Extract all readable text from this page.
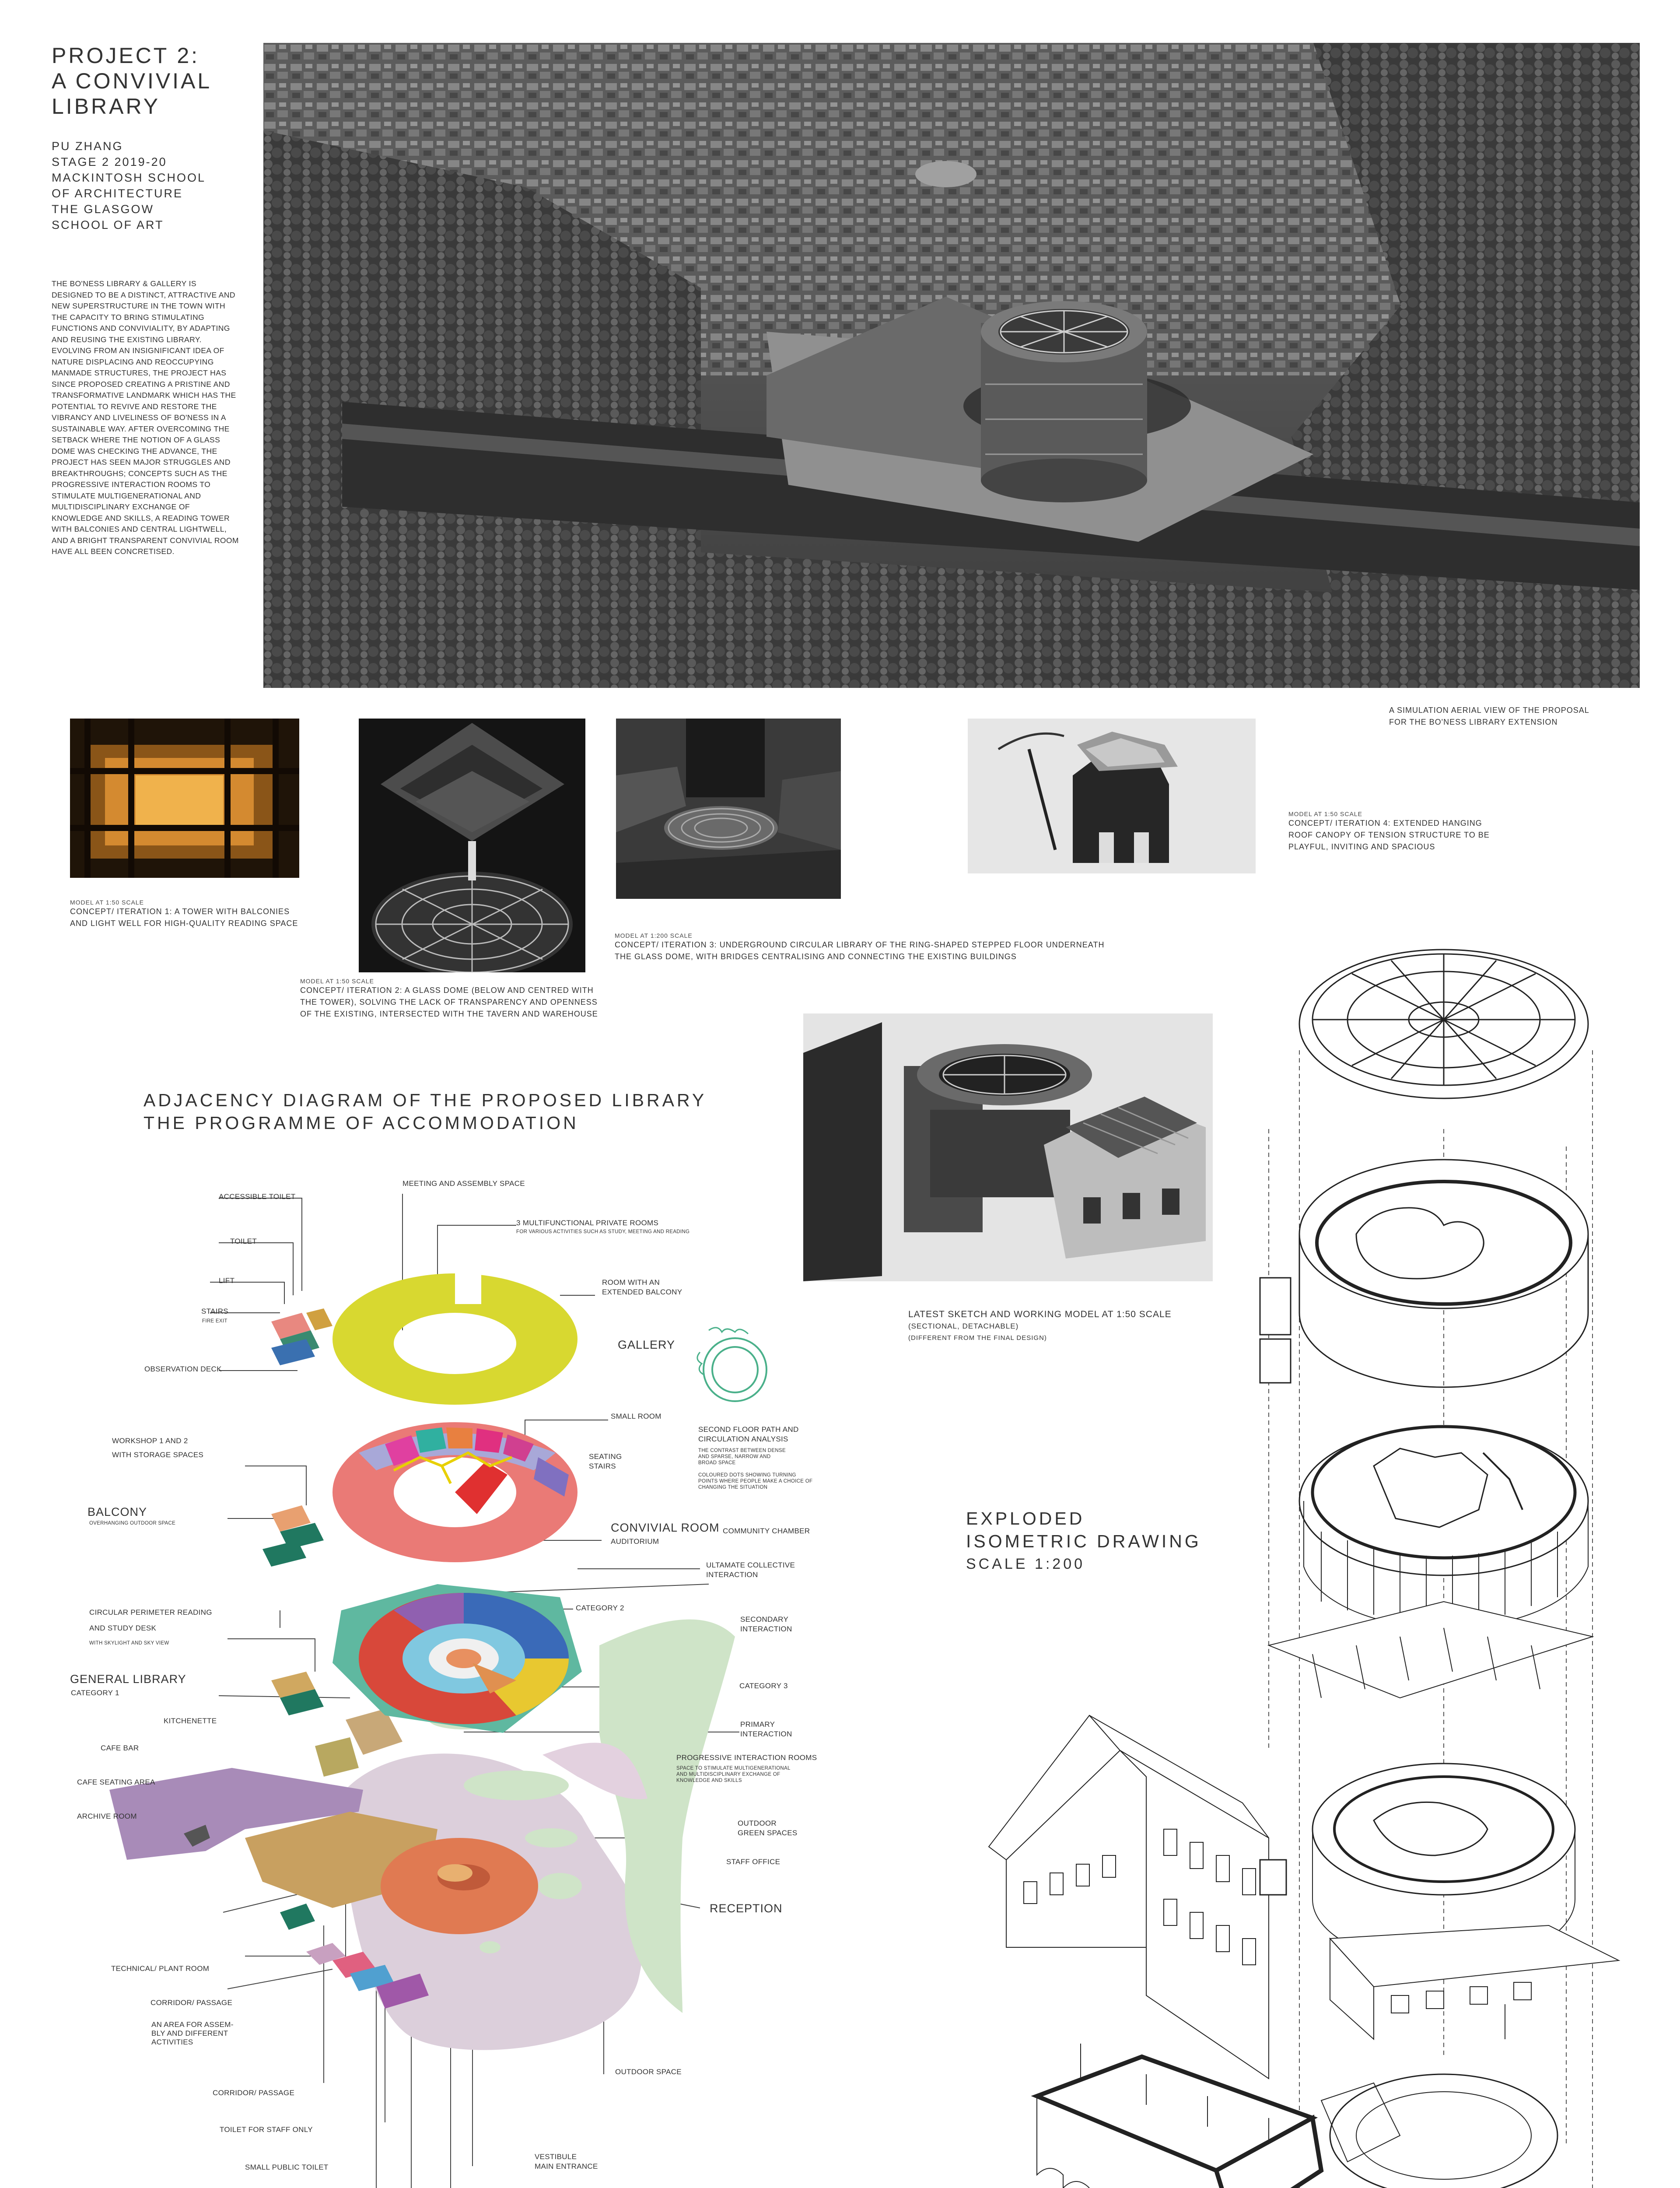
PROJECT 2:
A CONVIVIAL
LIBRARY
PU ZHANG
STAGE 2 2019-20
MACKINTOSH SCHOOL
OF ARCHITECTURE
THE GLASGOW
SCHOOL OF ART
THE BO'NESS LIBRARY & GALLERY IS DESIGNED TO BE A DISTINCT, ATTRACTIVE AND NEW SUPERSTRUCTURE IN THE TOWN WITH THE CAPACITY TO BRING STIMULATING FUNCTIONS AND CONVIVIALITY, BY ADAPTING AND REUSING THE EXISTING LIBRARY. EVOLVING FROM AN INSIGNIFICANT IDEA OF NATURE DISPLACING AND REOCCUPYING MANMADE STRUCTURES, THE PROJECT HAS SINCE PROPOSED CREATING A PRISTINE AND TRANSFORMATIVE LANDMARK WHICH HAS THE POTENTIAL TO REVIVE AND RESTORE THE VIBRANCY AND LIVELINESS OF BO'NESS IN A SUSTAINABLE WAY. AFTER OVERCOMING THE SETBACK WHERE THE NOTION OF A GLASS DOME WAS CHECKING THE ADVANCE, THE PROJECT HAS SEEN MAJOR STRUGGLES AND BREAKTHROUGHS; CONCEPTS SUCH AS THE PROGRESSIVE INTERACTION ROOMS TO STIMULATE MULTIGENERATIONAL AND MULTIDISCIPLINARY EXCHANGE OF KNOWLEDGE AND SKILLS, A READING TOWER WITH BALCONIES AND CENTRAL LIGHTWELL, AND A BRIGHT TRANSPARENT CONVIVIAL ROOM HAVE ALL BEEN CONCRETISED.
A SIMULATION AERIAL VIEW OF THE PROPOSAL
FOR THE BO'NESS LIBRARY EXTENSION
MODEL AT 1:50 SCALE
CONCEPT/ ITERATION 1: A TOWER WITH BALCONIES
AND LIGHT WELL FOR HIGH-QUALITY READING SPACE
MODEL AT 1:50 SCALE
CONCEPT/ ITERATION 2: A GLASS DOME (BELOW AND CENTRED WITH
THE TOWER), SOLVING THE LACK OF TRANSPARENCY AND OPENNESS
OF THE EXISTING, INTERSECTED WITH THE TAVERN AND WAREHOUSE
MODEL AT 1:200 SCALE
CONCEPT/ ITERATION 3: UNDERGROUND CIRCULAR LIBRARY OF THE RING-SHAPED STEPPED FLOOR UNDERNEATH
THE GLASS DOME, WITH BRIDGES CENTRALISING AND CONNECTING THE EXISTING BUILDINGS
MODEL AT 1:50 SCALE
CONCEPT/ ITERATION 4: EXTENDED HANGING
ROOF CANOPY OF TENSION STRUCTURE TO BE
PLAYFUL, INVITING AND SPACIOUS
LATEST SKETCH AND WORKING MODEL AT 1:50 SCALE
(SECTIONAL, DETACHABLE)
(DIFFERENT FROM THE FINAL DESIGN)
ADJACENCY DIAGRAM OF THE PROPOSED LIBRARY
THE PROGRAMME OF ACCOMMODATION
ACCESSIBLE TOILET
TOILET
LIFT
STAIRS
FIRE EXIT
OBSERVATION DECK
MEETING AND ASSEMBLY SPACE
3 MULTIFUNCTIONAL PRIVATE ROOMS
FOR VARIOUS ACTIVITIES SUCH AS STUDY, MEETING AND READING
ROOM WITH AN
EXTENDED BALCONY
GALLERY
SMALL ROOM
SECOND FLOOR PATH AND
CIRCULATION ANALYSIS
THE CONTRAST BETWEEN DENSE
AND SPARSE, NARROW AND
BROAD SPACE
COLOURED DOTS SHOWING TURNING
POINTS WHERE PEOPLE MAKE A CHOICE OF
CHANGING THE SITUATION
WORKSHOP 1 AND 2
WITH STORAGE SPACES	SEATING
STAIRS
BALCONY
OVERHANGING OUTDOOR SPACE	CONVIVIAL ROOM
AUDITORIUM
COMMUNITY CHAMBER
ULTAMATE COLLECTIVE
INTERACTION
CATEGORY 2
SECONDARY
INTERACTION
CIRCULAR PERIMETER READING
AND STUDY DESK
WITH SKYLIGHT AND SKY VIEW
GENERAL LIBRARY
CATEGORY 1
CATEGORY 3
PRIMARY
INTERACTION
KITCHENETTE
CAFE BAR
PROGRESSIVE INTERACTION ROOMS
SPACE TO STIMULATE MULTIGENERATIONAL
AND MULTIDISCIPLINARY EXCHANGE OF
KNOWLEDGE AND SKILLS
CAFE SEATING AREA
ARCHIVE ROOM
OUTDOOR
GREEN SPACES
STAFF OFFICE
RECEPTION
TECHNICAL/ PLANT ROOM
CORRIDOR/ PASSAGE
AN AREA FOR ASSEM-
BLY AND DIFFERENT
ACTIVITIES
OUTDOOR SPACE
CORRIDOR/ PASSAGE
TOILET FOR STAFF ONLY
VESTIBULE
MAIN ENTRANCE
SMALL PUBLIC TOILET
EXPLODED
ISOMETRIC DRAWING
SCALE 1:200
